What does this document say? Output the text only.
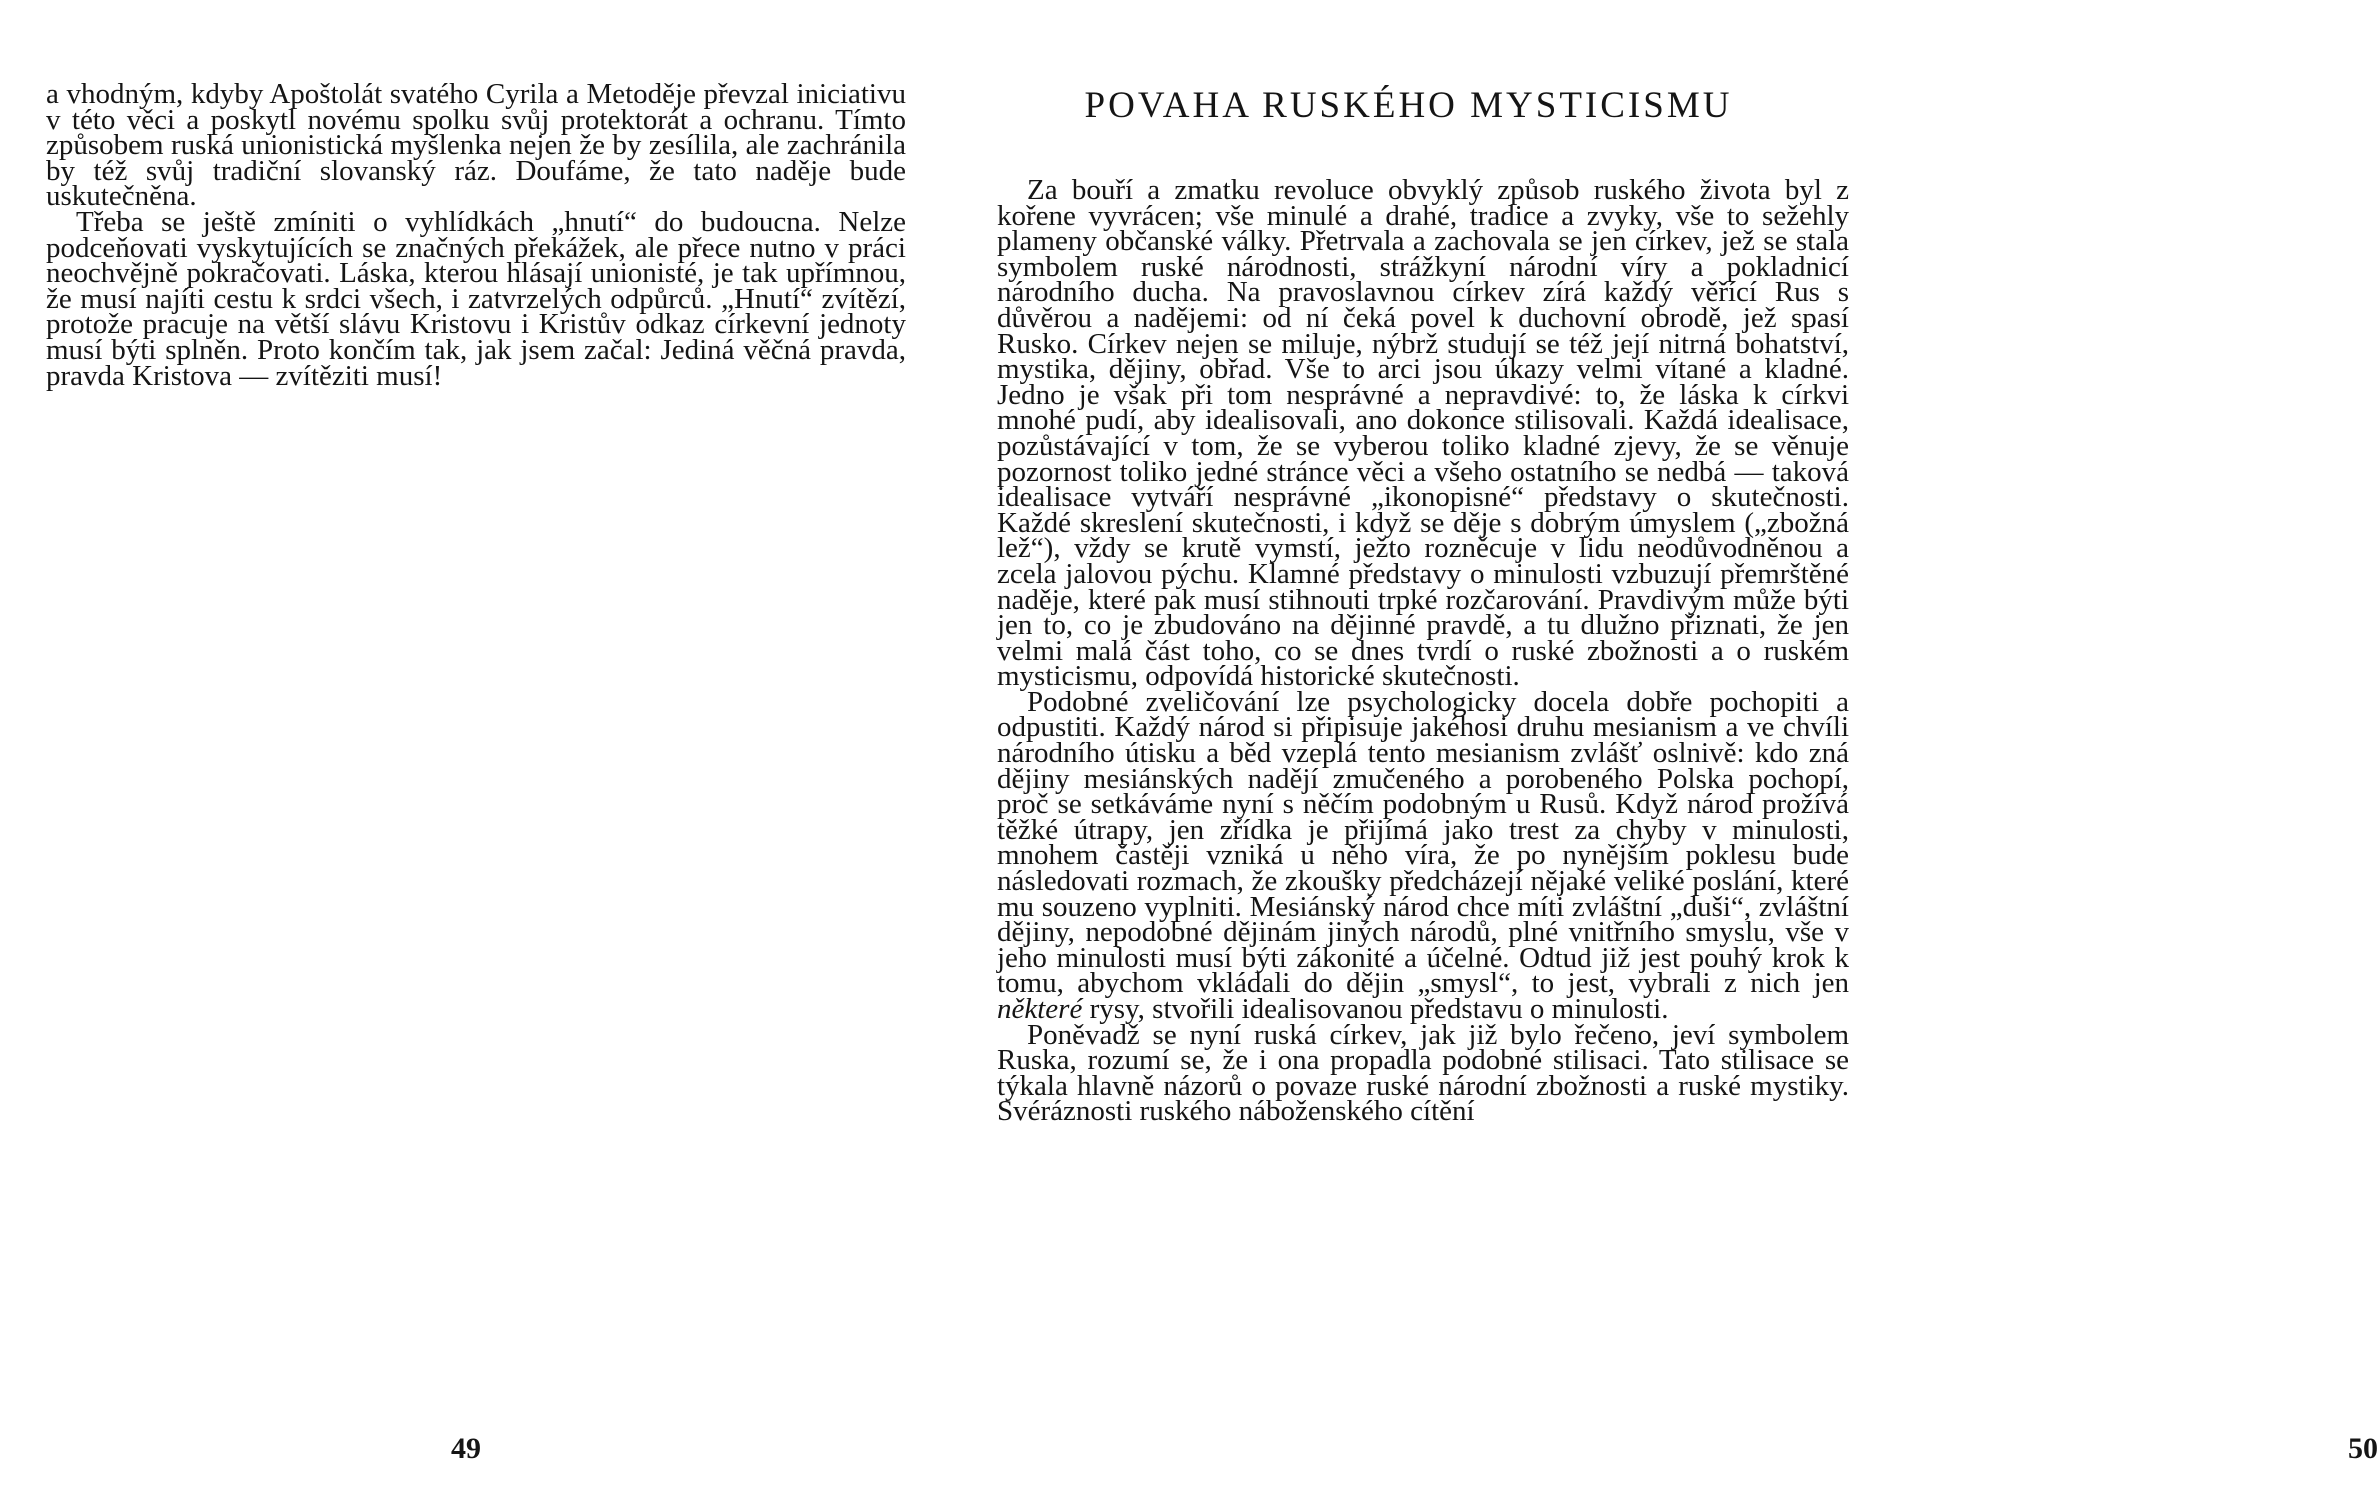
a vhodným, kdyby Apoštolát svatého Cyrila a Metoděje převzal iniciativu v této věci a poskytl novému spolku svůj protektorát a ochranu. Tímto způsobem ruská unionistická myšlenka nejen že by zesílila, ale zachránila by též svůj tradiční slovanský ráz. Doufáme, že tato naděje bude uskutečněna.

Třeba se ještě zmíniti o vyhlídkách „hnutí“ do budoucna. Nelze podceňovati vyskytujících se značných překážek, ale přece nutno v práci neochvějně pokračovati. Láska, kterou hlásají unionisté, je tak upřímnou, že musí najíti cestu k srdci všech, i zatvrzelých odpůrců. „Hnutí“ zvítězí, protože pracuje na větší slávu Kristovu i Kristův odkaz církevní jednoty musí býti splněn. Proto končím tak, jak jsem začal: Jediná věčná pravda, pravda Kristova — zvítěziti musí!

49
POVAHA RUSKÉHO MYSTICISMU

Za bouří a zmatku revoluce obvyklý způsob ruského života byl z kořene vyvrácen; vše minulé a drahé, tradice a zvyky, vše to sežehly plameny občanské války. Přetrvala a zachovala se jen církev, jež se stala symbolem ruské národnosti, strážkyní národní víry a pokladnicí národního ducha. Na pravoslavnou církev zírá každý věřící Rus s důvěrou a nadějemi: od ní čeká povel k duchovní obrodě, jež spasí Rusko. Církev nejen se miluje, nýbrž studují se též její nitrná bohatství, mystika, dějiny, obřad. Vše to arci jsou úkazy velmi vítané a kladné. Jedno je však při tom nesprávné a nepravdivé: to, že láska k církvi mnohé pudí, aby idealisovali, ano dokonce stilisovali. Každá idealisace, pozůstávající v tom, že se vyberou toliko kladné zjevy, že se věnuje pozornost toliko jedné stránce věci a všeho ostatního se nedbá — taková idealisace vytváří nesprávné „ikonopisné“ představy o skutečnosti. Každé skreslení skutečnosti, i když se děje s dobrým úmyslem („zbožná lež“), vždy se krutě vymstí, ježto rozněcuje v lidu neodůvodněnou a zcela jalovou pýchu. Klamné představy o minulosti vzbuzují přemrštěné naděje, které pak musí stihnouti trpké rozčarování. Pravdivým může býti jen to, co je zbudováno na dějinné pravdě, a tu dlužno přiznati, že jen velmi malá část toho, co se dnes tvrdí o ruské zbožnosti a o ruském mysticismu, odpovídá historické skutečnosti.

Podobné zveličování lze psychologicky docela dobře pochopiti a odpustiti. Každý národ si připisuje jakéhosi druhu mesianism a ve chvíli národního útisku a běd vzeplá tento mesianism zvlášť oslnivě: kdo zná dějiny mesiánských nadějí zmučeného a porobeného Polska pochopí, proč se setkáváme nyní s něčím podobným u Rusů. Když národ prožívá těžké útrapy, jen zřídka je přijímá jako trest za chyby v minulosti, mnohem častěji vzniká u něho víra, že po nynějším poklesu bude následovati rozmach, že zkoušky předcházejí nějaké veliké poslání, které mu souzeno vyplniti. Mesiánský národ chce míti zvláštní „duši“, zvláštní dějiny, nepodobné dějinám jiných národů, plné vnitřního smyslu, vše v jeho minulosti musí býti zákonité a účelné. Odtud již jest pouhý krok k tomu, abychom vkládali do dějin „smysl“, to jest, vybrali z nich jen některé rysy, stvořili idealisovanou představu o minulosti.

Poněvadž se nyní ruská církev, jak již bylo řečeno, jeví symbolem Ruska, rozumí se, že i ona propadla podobné stilisaci. Tato stilisace se týkala hlavně názorů o povaze ruské národní zbožnosti a ruské mystiky. Svéráznosti ruského náboženského cítění

50
